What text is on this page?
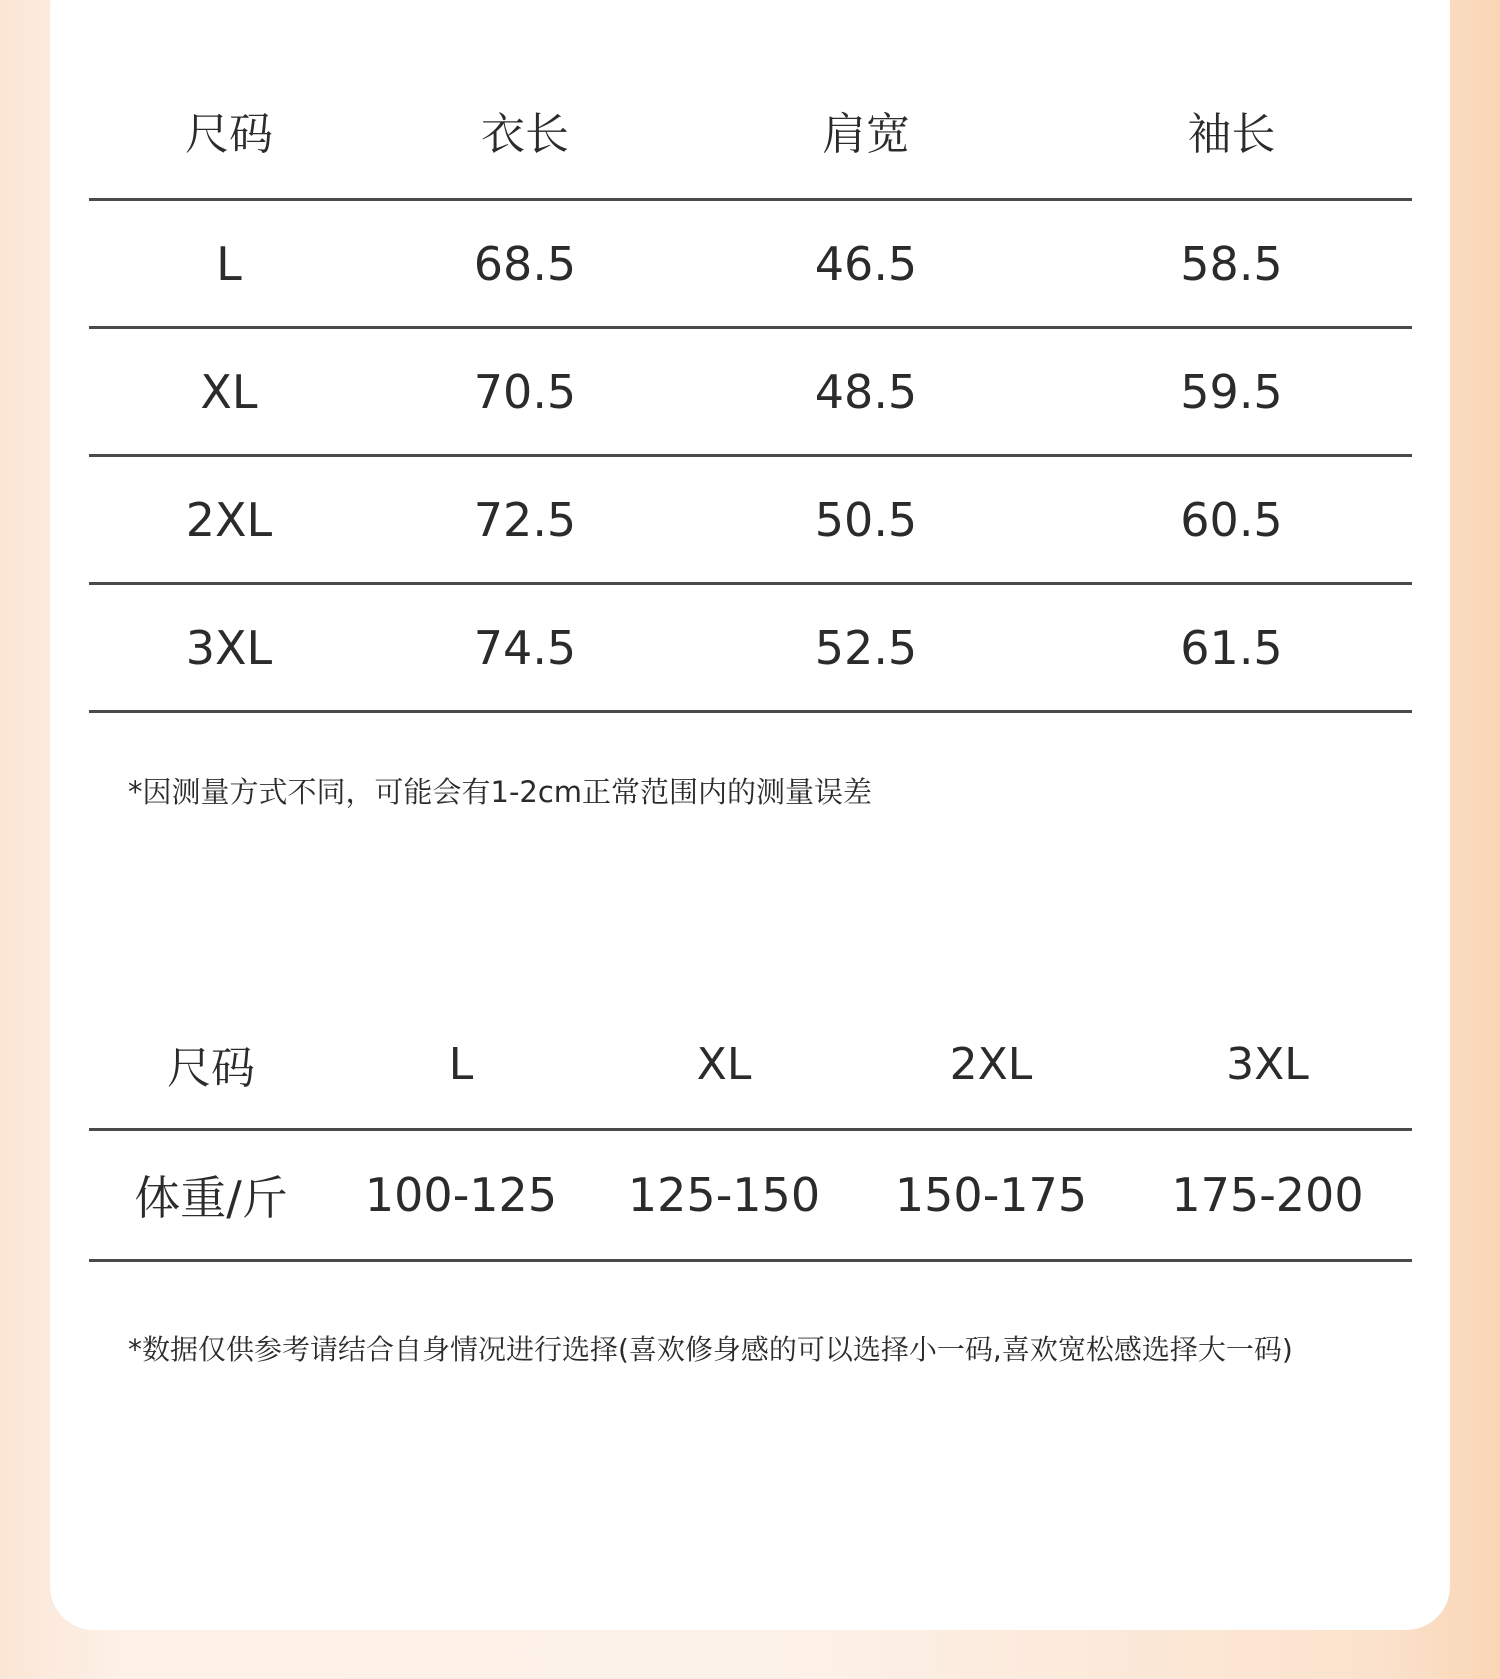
尺码	衣长	肩宽	袖长
L	68.5	46.5	58.5
XL	70.5	48.5	59.5
2XL	72.5	50.5	60.5
3XL	74.5	52.5	61.5
*因测量方式不同，可能会有1-2cm正常范围内的测量误差
尺码	L	XL	2XL	3XL
体重/斤	100-125	125-150	150-175	175-200
*数据仅供参考请结合自身情况进行选择(喜欢修身感的可以选择小一码,喜欢宽松感选择大一码)
